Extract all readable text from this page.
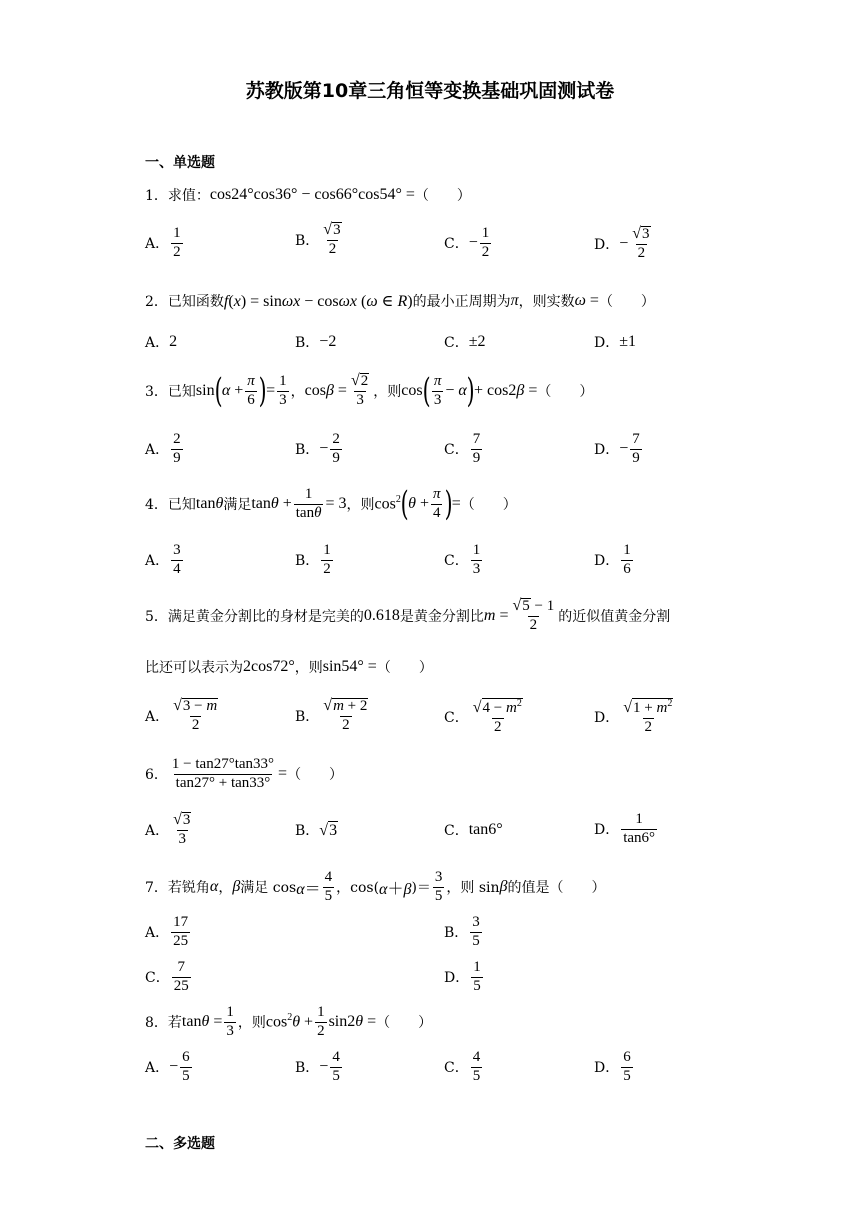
苏教版第10章三角恒等变换基础巩固测试卷
一、单选题
1． 求值： cos24°cos36° − cos66°cos54° = （　　）
A． $\frac{1}{2}$	B． $\frac{√3}{2}$	C． − $\frac{1}{2}$	D． − $\frac{√3}{2}$
2． 已知函数 f(x) = sinωx − cosωx (ω ∈ R) 的最小正周期为 π ，则实数 ω = （　　）
A． 2	B． −2	C． ±2	D． ±1
3． 已知 sin ( $\alpha + \frac{\pi}{6}$ ) = $\frac{1}{3}$ ， $\cos\beta = \frac{√2}{3}$ ，则 cos ( $\frac{\pi}{3} - \alpha$ ) + cos2β = （　　）
A． $\frac{2}{9}$	B． − $\frac{2}{9}$	C． $\frac{7}{9}$	D． − $\frac{7}{9}$
4． 已知 tanθ 满足 $\tan\theta + \frac{1}{\tan\theta} = 3$ ，则 $\cos^2$ ( $\theta + \frac{\pi}{4}$ ) = （　　）
A． $\frac{3}{4}$	B． $\frac{1}{2}$	C． $\frac{1}{3}$	D． $\frac{1}{6}$
5． 满足黄金分割比的身材是完美的 0.618 是黄金分割比 $m = \frac{√5 - 1}{2}$ 的近似值黄金分割
比还可以表示为 2cos72° ，则 sin54° = （　　）
A． $\frac{√3 - m}{2}$	B． $\frac{√m + 2}{2}$	C． $\frac{√4 - m^2}{2}$	D． $\frac{√1 + m^2}{2}$
6． $\frac{1 - \tan 27^\circ\tan 33^\circ}{\tan 27^\circ + \tan 33^\circ}$ = （　　）
A． $\frac{√3}{3}$	B． √3	C． tan6°	D． $\frac{1}{\tan 6^\circ}$
7． 若锐角 α ， β 满足 $\cos \alpha= \frac{4}{5}$ ，cos( α＋β )＝ $\frac{3}{5}$ ，则 sin β 的值是 （　　）
A． $\frac{17}{25}$	B． $\frac{3}{5}$
C． $\frac{7}{25}$	D． $\frac{1}{5}$
8． 若 $\tan\theta = \frac{1}{3}$ ，则 $\cos^2\theta + \frac{1}{2} \sin 2\theta$ = （　　）
A． − $\frac{6}{5}$	B． − $\frac{4}{5}$	C． $\frac{4}{5}$	D． $\frac{6}{5}$
二、多选题
